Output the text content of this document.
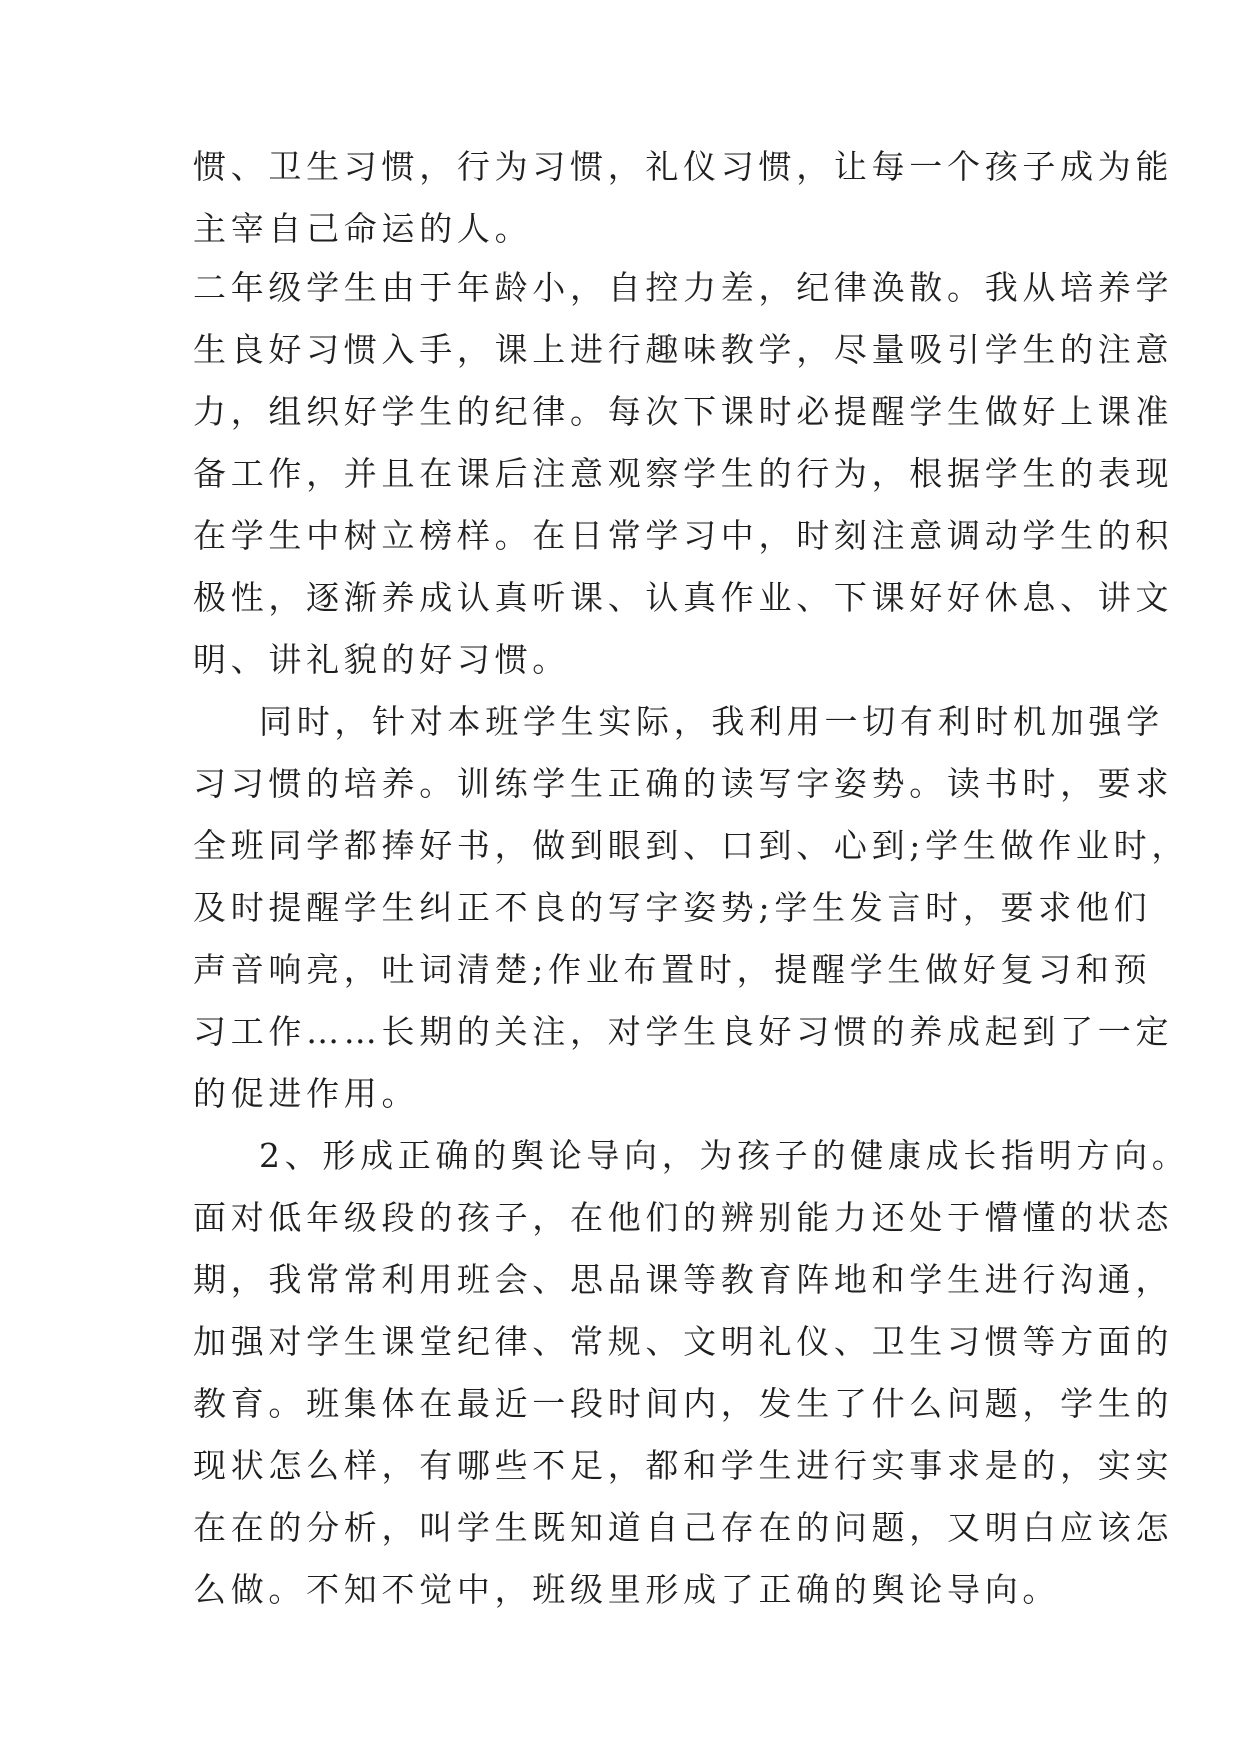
惯、卫生习惯，行为习惯，礼仪习惯，让每一个孩子成为能
主宰自己命运的人。
二年级学生由于年龄小，自控力差，纪律涣散。我从培养学
生良好习惯入手，课上进行趣味教学，尽量吸引学生的注意
力，组织好学生的纪律。每次下课时必提醒学生做好上课准
备工作，并且在课后注意观察学生的行为，根据学生的表现
在学生中树立榜样。在日常学习中，时刻注意调动学生的积
极性，逐渐养成认真听课、认真作业、下课好好休息、讲文
明、讲礼貌的好习惯。
同时，针对本班学生实际，我利用一切有利时机加强学
习习惯的培养。训练学生正确的读写字姿势。读书时，要求
全班同学都捧好书，做到眼到、口到、心到;学生做作业时，
及时提醒学生纠正不良的写字姿势;学生发言时，要求他们
声音响亮，吐词清楚;作业布置时，提醒学生做好复习和预
习工作……长期的关注，对学生良好习惯的养成起到了一定
的促进作用。
2、形成正确的舆论导向，为孩子的健康成长指明方向。
面对低年级段的孩子，在他们的辨别能力还处于懵懂的状态
期，我常常利用班会、思品课等教育阵地和学生进行沟通，
加强对学生课堂纪律、常规、文明礼仪、卫生习惯等方面的
教育。班集体在最近一段时间内，发生了什么问题，学生的
现状怎么样，有哪些不足，都和学生进行实事求是的，实实
在在的分析，叫学生既知道自己存在的问题，又明白应该怎
么做。不知不觉中，班级里形成了正确的舆论导向。
